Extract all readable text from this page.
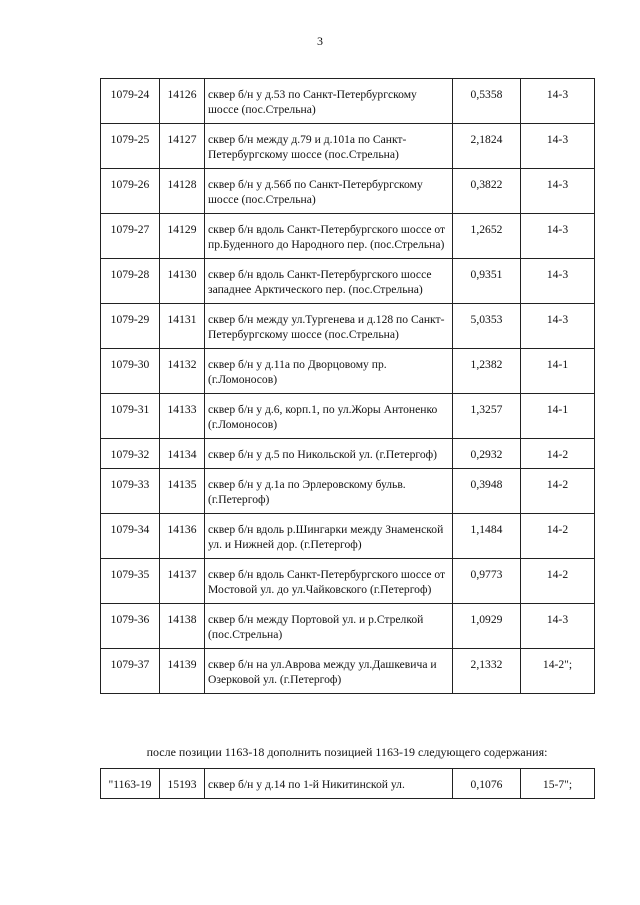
3
1079-24	14126	сквер б/н у д.53 по Санкт-Петербургскому шоссе (пос.Стрельна)	0,5358	14-3
1079-25	14127	сквер б/н между д.79 и д.101а по Санкт-Петербургскому шоссе (пос.Стрельна)	2,1824	14-3
1079-26	14128	сквер б/н у д.56б по Санкт-Петербургскому шоссе (пос.Стрельна)	0,3822	14-3
1079-27	14129	сквер б/н вдоль Санкт-Петербургского шоссе от пр.Буденного до Народного пер. (пос.Стрельна)	1,2652	14-3
1079-28	14130	сквер б/н вдоль Санкт-Петербургского шоссе западнее Арктического пер. (пос.Стрельна)	0,9351	14-3
1079-29	14131	сквер б/н между ул.Тургенева и д.128 по Санкт-Петербургскому шоссе (пос.Стрельна)	5,0353	14-3
1079-30	14132	сквер б/н у д.11а по Дворцовому пр. (г.Ломоносов)	1,2382	14-1
1079-31	14133	сквер б/н у д.6, корп.1, по ул.Жоры Антоненко (г.Ломоносов)	1,3257	14-1
1079-32	14134	сквер б/н у д.5 по Никольской ул. (г.Петергоф)	0,2932	14-2
1079-33	14135	сквер б/н у д.1а по Эрлеровскому бульв. (г.Петергоф)	0,3948	14-2
1079-34	14136	сквер б/н вдоль р.Шингарки между Знаменской ул. и Нижней дор. (г.Петергоф)	1,1484	14-2
1079-35	14137	сквер б/н вдоль Санкт-Петербургского шоссе от Мостовой ул. до ул.Чайковского (г.Петергоф)	0,9773	14-2
1079-36	14138	сквер б/н между Портовой ул. и р.Стрелкой (пос.Стрельна)	1,0929	14-3
1079-37	14139	сквер б/н на ул.Аврова между ул.Дашкевича и Озерковой ул. (г.Петергоф)	2,1332	14-2";
после позиции 1163-18 дополнить позицией 1163-19 следующего содержания:
"1163-19	15193	сквер б/н у д.14 по 1-й Никитинской ул.	0,1076	15-7";
